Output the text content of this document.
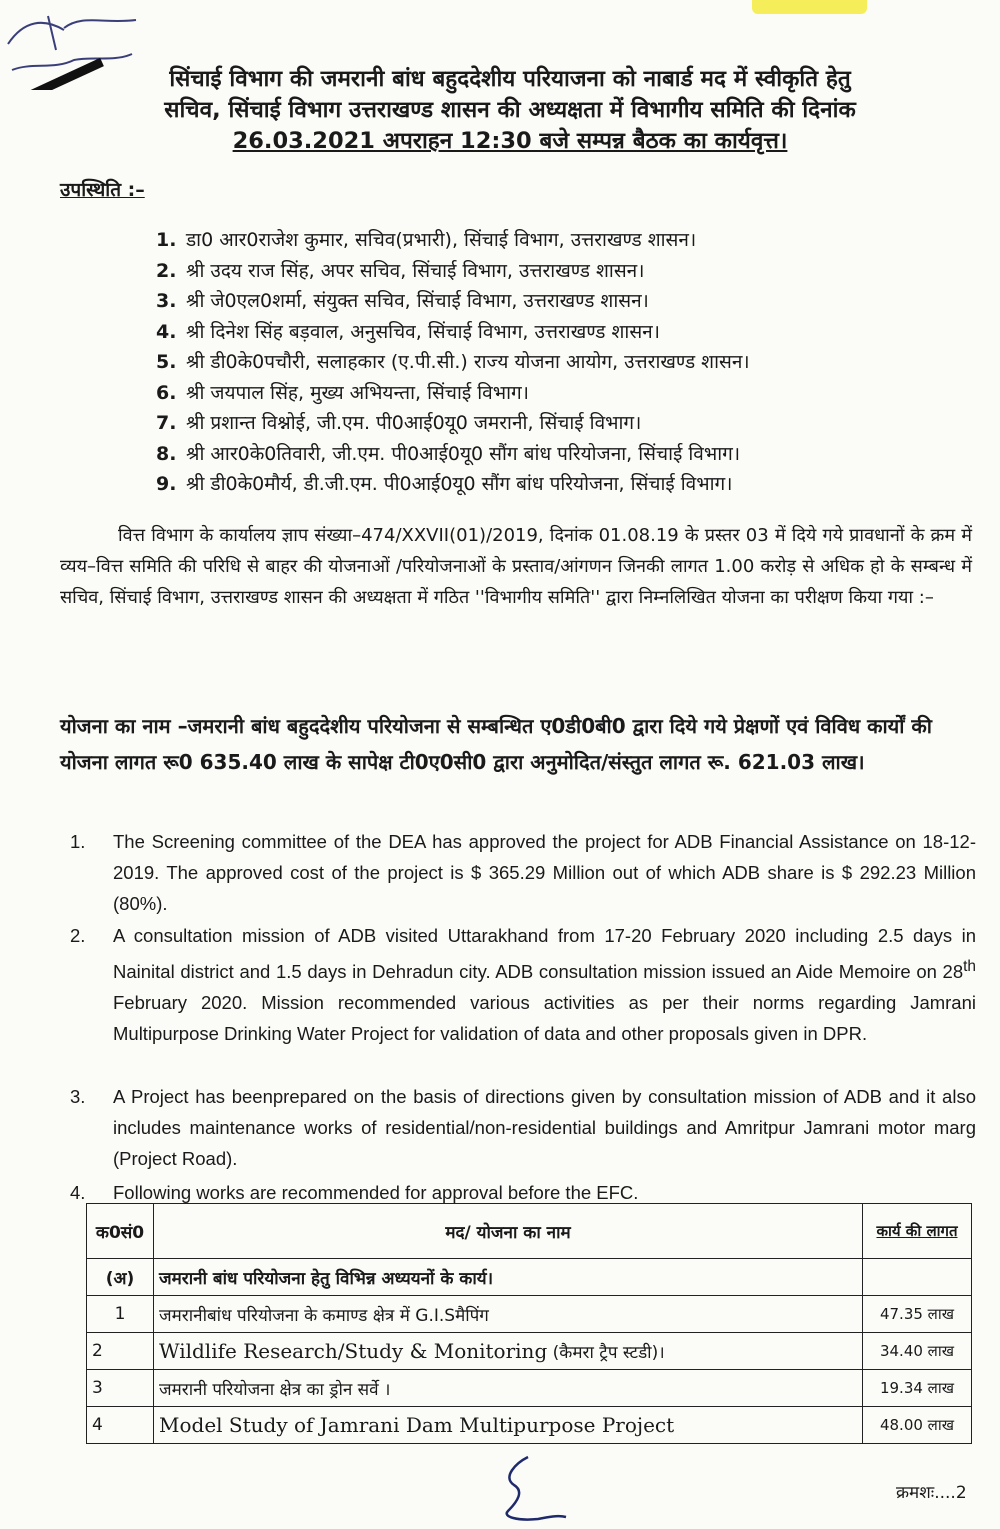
सिंचाई विभाग की जमरानी बांध बहुददेशीय परियाजना को नाबार्ड मद में स्वीकृति हेतु
सचिव, सिंचाई विभाग उत्तराखण्ड शासन की अध्यक्षता में विभागीय समिति की दिनांक
26.03.2021 अपराहन 12:30 बजे सम्पन्न बैठक का कार्यवृत्त।
उपस्थिति :–
1. डा0 आर0राजेश कुमार, सचिव(प्रभारी), सिंचाई विभाग, उत्तराखण्ड शासन।
2. श्री उदय राज सिंह, अपर सचिव, सिंचाई विभाग, उत्तराखण्ड शासन।
3. श्री जे0एल0शर्मा, संयुक्त सचिव, सिंचाई विभाग, उत्तराखण्ड शासन।
4. श्री दिनेश सिंह बड़वाल, अनुसचिव, सिंचाई विभाग, उत्तराखण्ड शासन।
5. श्री डी0के0पचौरी, सलाहकार (ए.पी.सी.) राज्य योजना आयोग, उत्तराखण्ड शासन।
6. श्री जयपाल सिंह, मुख्य अभियन्ता, सिंचाई विभाग।
7. श्री प्रशान्त विश्नोई, जी.एम. पी0आई0यू0 जमरानी, सिंचाई विभाग।
8. श्री आर0के0तिवारी, जी.एम. पी0आई0यू0 सौंग बांध परियोजना, सिंचाई विभाग।
9. श्री डी0के0मौर्य, डी.जी.एम. पी0आई0यू0 सौंग बांध परियोजना, सिंचाई विभाग।
वित्त विभाग के कार्यालय ज्ञाप संख्या–474/XXVII(01)/2019, दिनांक 01.08.19 के प्रस्तर 03 में दिये गये प्रावधानों के क्रम में व्यय–वित्त समिति की परिधि से बाहर की योजनाओं /परियोजनाओं के प्रस्ताव/आंगणन जिनकी लागत 1.00 करोड़ से अधिक हो के सम्बन्ध में सचिव, सिंचाई विभाग, उत्तराखण्ड शासन की अध्यक्षता में गठित ''विभागीय समिति'' द्वारा निम्नलिखित योजना का परीक्षण किया गया :–
योजना का नाम –जमरानी बांध बहुददेशीय परियोजना से सम्बन्धित ए0डी0बी0 द्वारा दिये गये प्रेक्षणों एवं विविध कार्यों की योजना लागत रू0 635.40 लाख के सापेक्ष टी0ए0सी0 द्वारा अनुमोदित/संस्तुत लागत रू. 621.03 लाख।
1.	The Screening committee of the DEA has approved the project for ADB Financial Assistance on 18-12-2019. The approved cost of the project is $ 365.29 Million out of which ADB share is $ 292.23 Million (80%).
2.	A consultation mission of ADB visited Uttarakhand from 17-20 February 2020 including 2.5 days in Nainital district and 1.5 days in Dehradun city. ADB consultation mission issued an Aide Memoire on 28th February 2020. Mission recommended various activities as per their norms regarding Jamrani Multipurpose Drinking Water Project for validation of data and other proposals given in DPR.
3.	A Project has beenprepared on the basis of directions given by consultation mission of ADB and it also includes maintenance works of residential/non-residential buildings and Amritpur Jamrani motor marg (Project Road).
4.	Following works are recommended for approval before the EFC.
क0सं0	मद/ योजना का नाम	कार्य की लागत
(अ)	जमरानी बांध परियोजना हेतु विभिन्न अध्ययनों के कार्य।	
1	जमरानीबांध परियोजना के कमाण्ड क्षेत्र में G.I.Sमैपिंग	47.35 लाख
2	Wildlife Research/Study & Monitoring (कैमरा ट्रैप स्टडी)।	34.40 लाख
3	जमरानी परियोजना क्षेत्र का ड्रोन सर्वे ।	19.34 लाख
4	Model Study of Jamrani Dam Multipurpose Project	48.00 लाख
क्रमशः....2
